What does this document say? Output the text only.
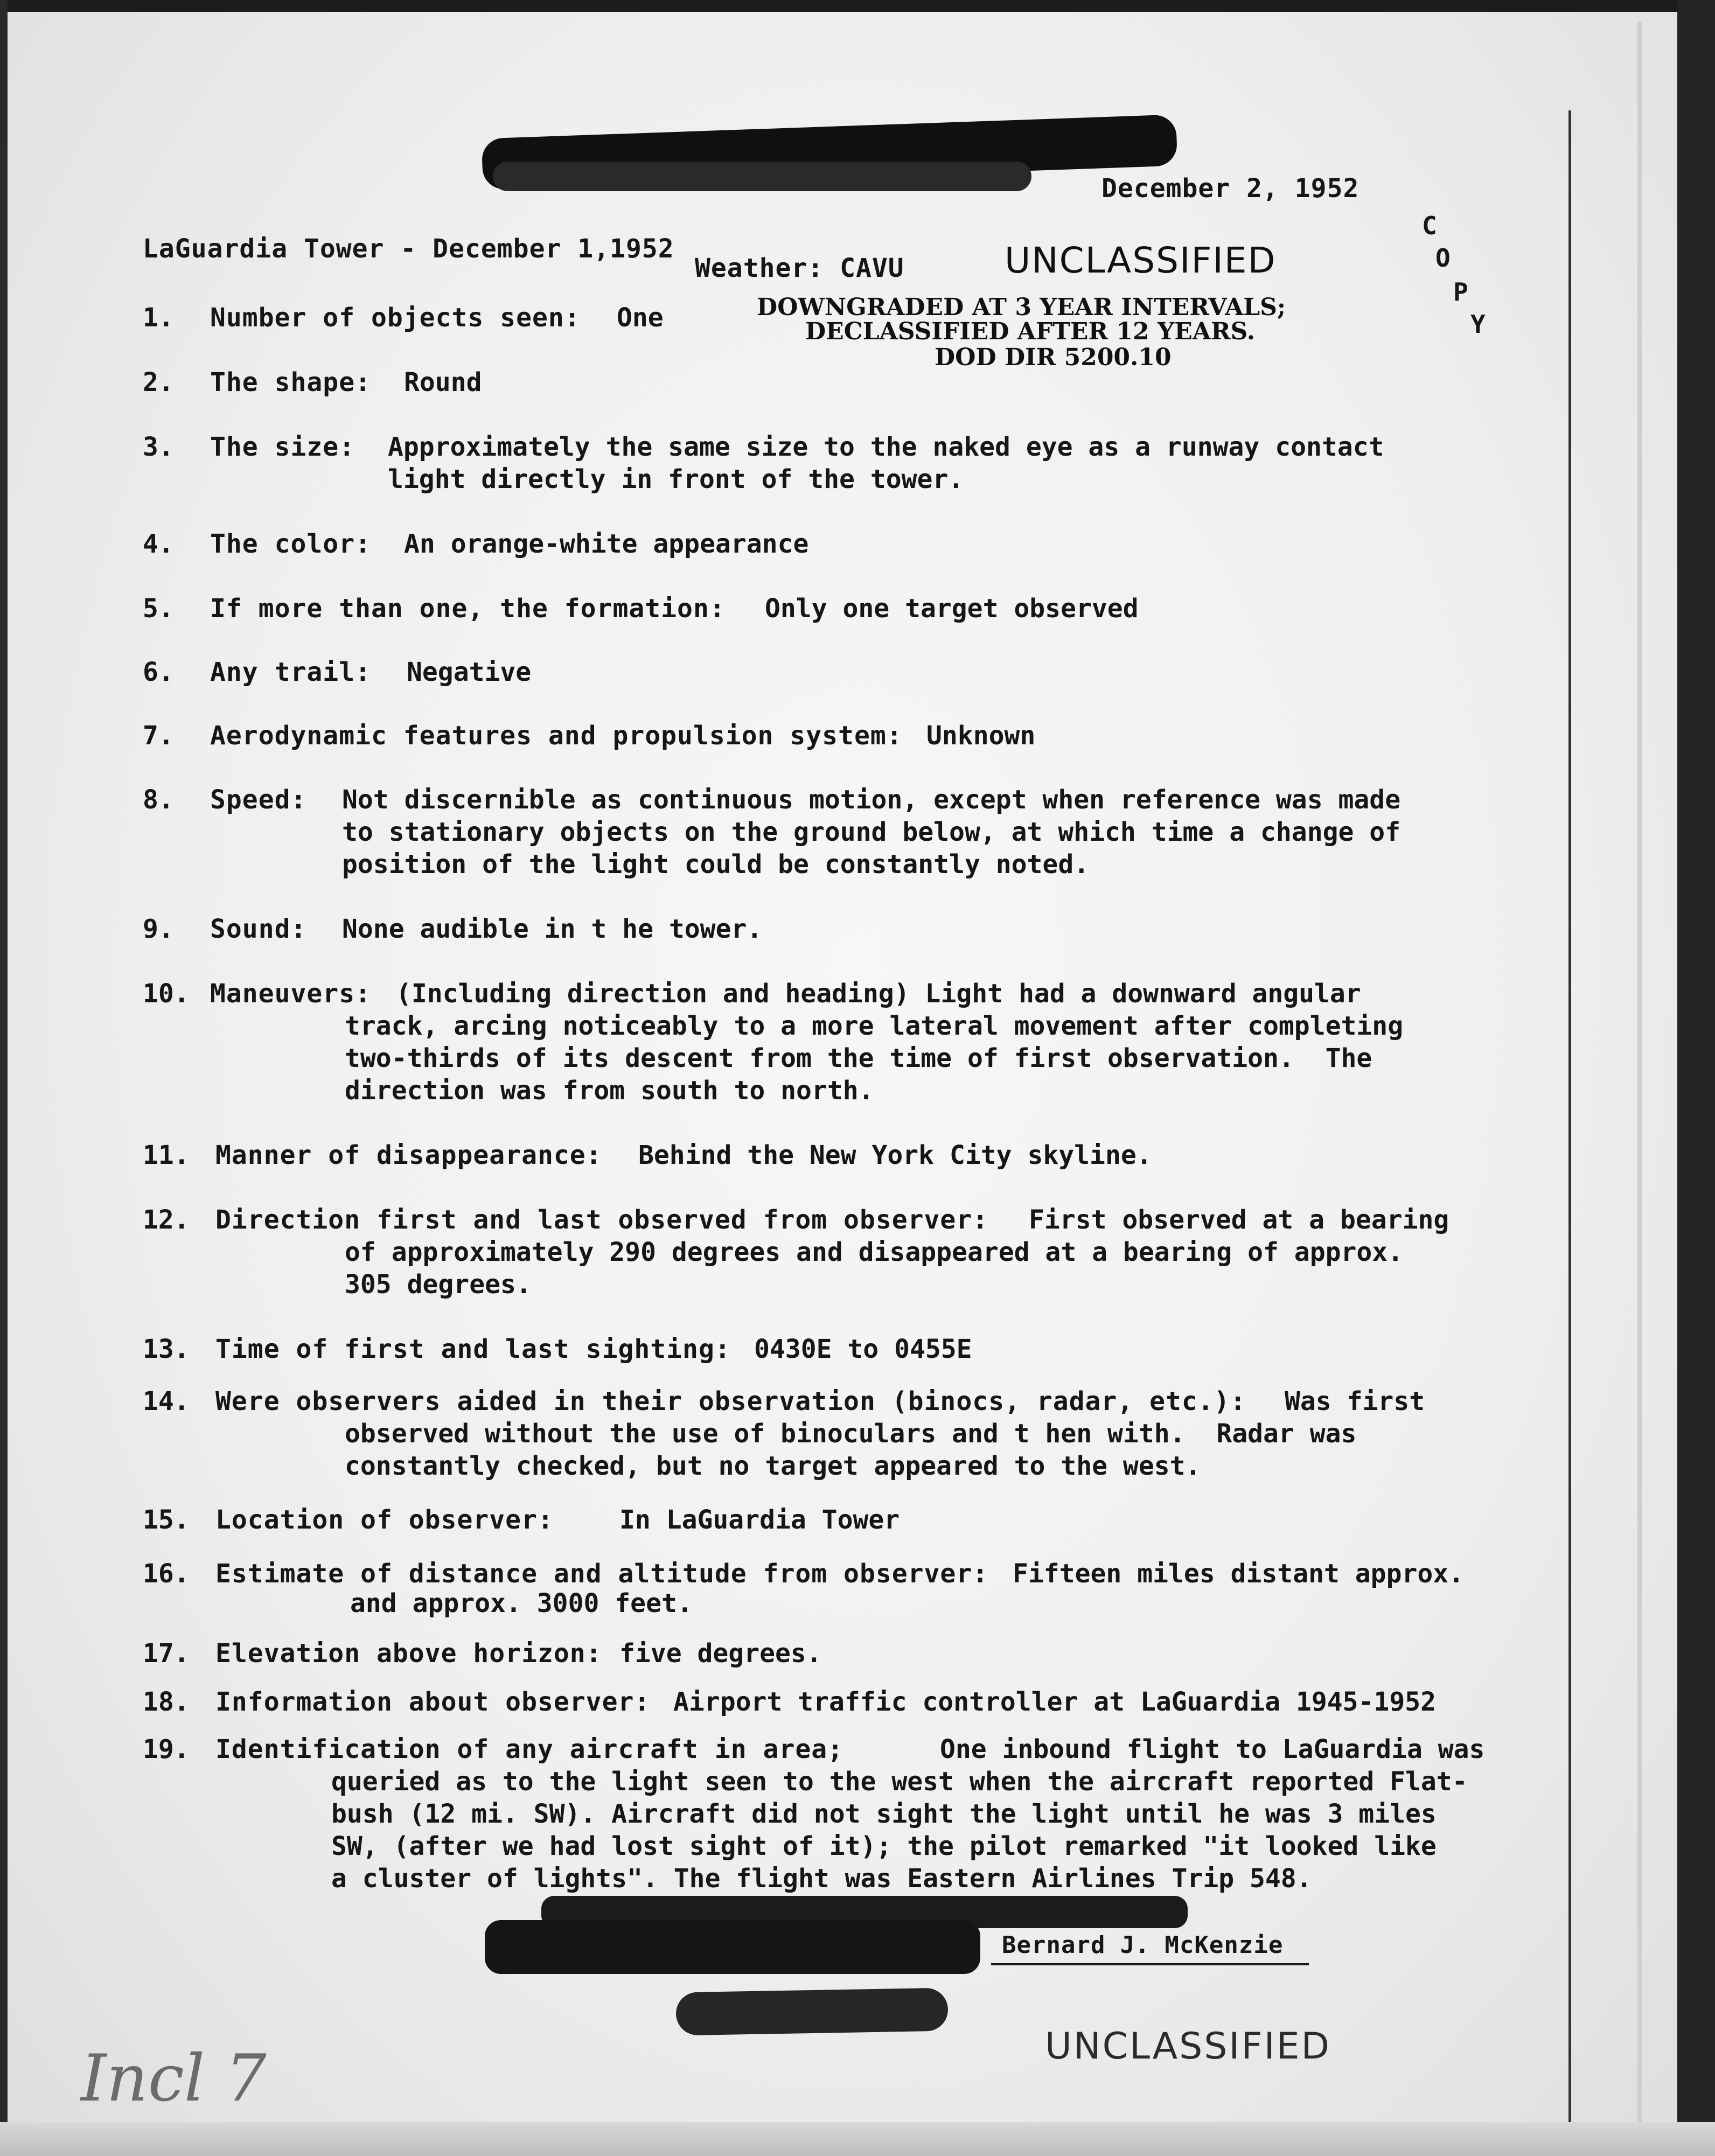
December 2, 1952
LaGuardia Tower - December 1,1952
Weather: CAVU
C
O
P
Y
UNCLASSIFIED
DOWNGRADED AT 3 YEAR INTERVALS;
DECLASSIFIED AFTER 12 YEARS.
DOD DIR 5200.10
1. Number of objects seen: One
2. The shape: Round
3. The size: Approximately the same size to the naked eye as a runway contact
light directly in front of the tower.
4. The color: An orange-white appearance
5. If more than one, the formation: Only one target observed
6. Any trail: Negative
7. Aerodynamic features and propulsion system: Unknown
8. Speed: Not discernible as continuous motion, except when reference was made
to stationary objects on the ground below, at which time a change of
position of the light could be constantly noted.
9. Sound: None audible in t he tower.
10. Maneuvers: (Including direction and heading) Light had a downward angular
track, arcing noticeably to a more lateral movement after completing
two-thirds of its descent from the time of first observation.  The
direction was from south to north.
11. Manner of disappearance: Behind the New York City skyline.
12. Direction first and last observed from observer: First observed at a bearing
of approximately 290 degrees and disappeared at a bearing of approx.
305 degrees.
13. Time of first and last sighting: 0430E to 0455E
14. Were observers aided in their observation (binocs, radar, etc.): Was first
observed without the use of binoculars and t hen with.  Radar was
constantly checked, but no target appeared to the west.
15. Location of observer:	In LaGuardia Tower
16. Estimate of distance and altitude from observer: Fifteen miles distant approx.
and approx. 3000 feet.
17. Elevation above horizon: five degrees.
18. Information about observer: Airport traffic controller at LaGuardia 1945-1952
19. Identification of any aircraft in area;	One inbound flight to LaGuardia was
queried as to the light seen to the west when the aircraft reported Flat-
bush (12 mi. SW). Aircraft did not sight the light until he was 3 miles
SW, (after we had lost sight of it); the pilot remarked "it looked like
a cluster of lights". The flight was Eastern Airlines Trip 548.
Bernard J. McKenzie
UNCLASSIFIED
Incl 7
